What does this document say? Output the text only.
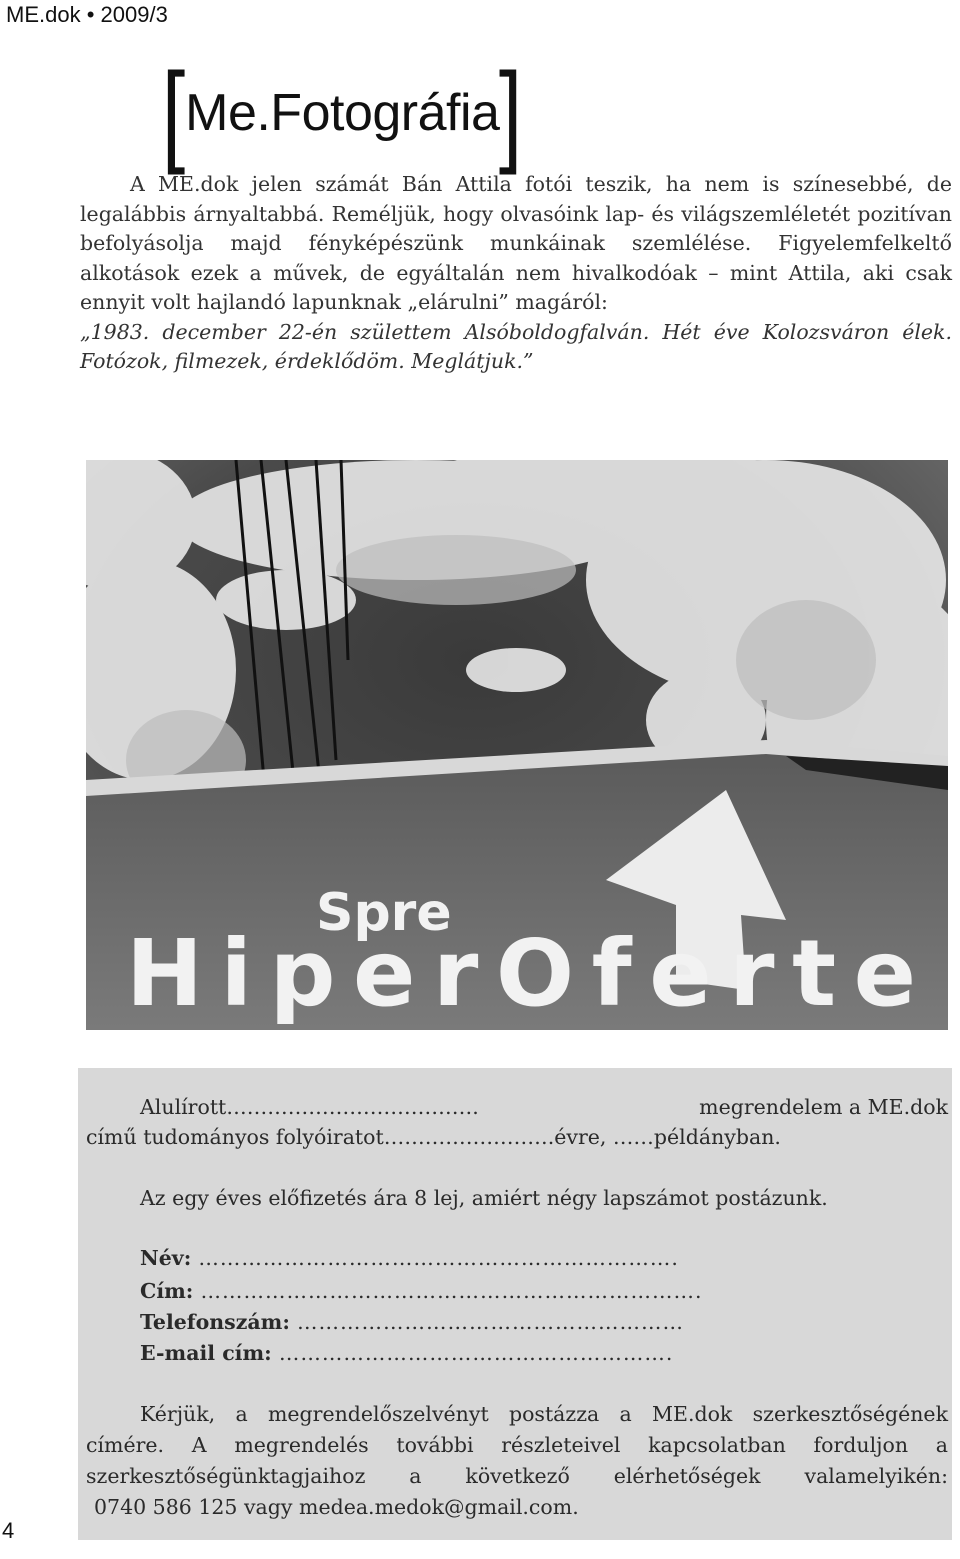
ME.dok • 2009/3
[ Me.Fotográfia ]
A ME.dok jelen számát Bán Attila fotói teszik, ha nem is színesebbé, de legalábbis árnyaltabbá. Reméljük, hogy olvasóink lap- és világszemléletét pozitívan befolyásolja majd fényképészünk munkáinak szemlélése. Figyelemfelkeltő alkotások ezek a művek, de egyáltalán nem hivalkodóak – mint Attila, aki csak ennyit volt hajlandó lapunknak „elárulni” magáról:
„1983. december 22-én születtem Alsóboldogfalván. Hét éve Kolozsváron élek. Fotózok, filmezek, érdeklődöm. Meglátjuk.”
Spre
HiperOferte
Alulírott……………………………….	megrendelem a ME.dok
című tudományos folyóiratot…………………….évre, ……példányban.
Az egy éves előfizetés ára 8 lej, amiért négy lapszámot postázunk.
Név: ………………………………………………………….
Cím: …………………………………………………………….
Telefonszám: ………………………………………………
E-mail cím: ……………………………………………….
Kérjük, a megrendelőszelvényt postázza a ME.dok szerkesztőségének címére. A megrendelés további részleteivel kapcsolatban forduljon a szerkesztőségünktagjaihoz a következő elérhetőségek valamelyikén:
0740 586 125 vagy medea.medok@gmail.com.
4
